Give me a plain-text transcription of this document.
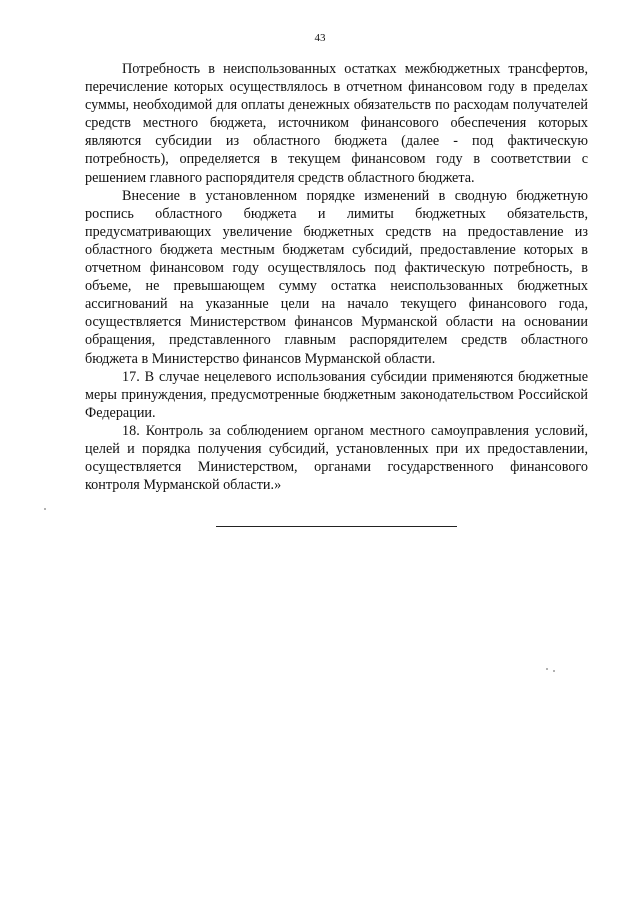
43

Потребность в неиспользованных остатках межбюджетных трансфертов, перечисление которых осуществлялось в отчетном финансовом году в пределах суммы, необходимой для оплаты денежных обязательств по расходам получателей средств местного бюджета, источником финансового обеспечения которых являются субсидии из областного бюджета (далее - под фактическую потребность), определяется в текущем финансовом году в соответствии с решением главного распорядителя средств областного бюджета.

Внесение в установленном порядке изменений в сводную бюджетную роспись областного бюджета и лимиты бюджетных обязательств, предусматривающих увеличение бюджетных средств на предоставление из областного бюджета местным бюджетам субсидий, предоставление которых в отчетном финансовом году осуществлялось под фактическую потребность, в объеме, не превышающем сумму остатка неиспользованных бюджетных ассигнований на указанные цели на начало текущего финансового года, осуществляется Министерством финансов Мурманской области на основании обращения, представленного главным распорядителем средств областного бюджета в Министерство финансов Мурманской области.

17. В случае нецелевого использования субсидии применяются бюджетные меры принуждения, предусмотренные бюджетным законодательством Российской Федерации.

18. Контроль за соблюдением органом местного самоуправления условий, целей и порядка получения субсидий, установленных при их предоставлении, осуществляется Министерством, органами государственного финансового контроля Мурманской области.»
